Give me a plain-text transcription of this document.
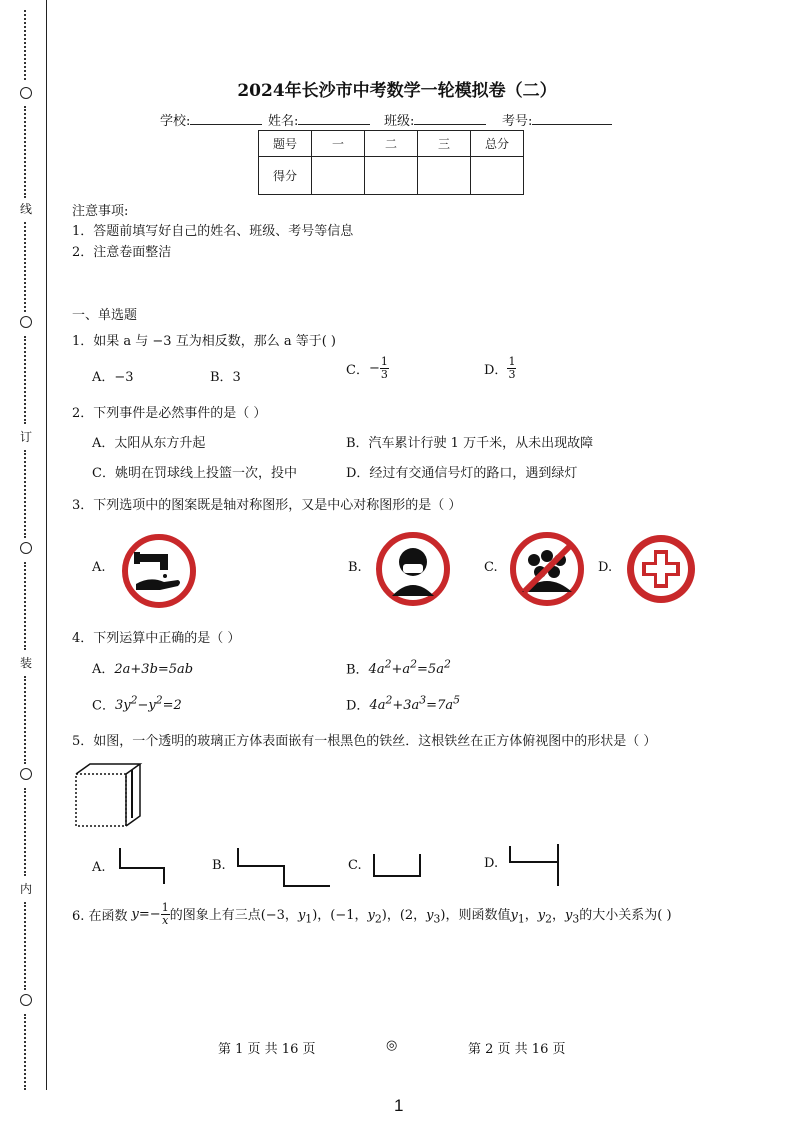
线
订
装
内
2024年长沙市中考数学一轮模拟卷（二）
学校:	姓名:	班级:	考号:
题号	一	二	三	总分
得分				
注意事项:
1．答题前填写好自己的姓名、班级、考号等信息
2．注意卷面整洁
一、单选题
1．如果 a 与 −3 互为相反数，那么 a 等于( )
A．−3	B．3	C． − $\frac{1}{3}$	D． $\frac{1}{3}$
2．下列事件是必然事件的是（ ）
A．太阳从东方升起	B．汽车累计行驶 1 万千米，从未出现故障
C．姚明在罚球线上投篮一次，投中	D．经过有交通信号灯的路口，遇到绿灯
3．下列选项中的图案既是轴对称图形，又是中心对称图形的是（ ）
A.	B.	C.	D.
4．下列运算中正确的是（ ）
A．2a+3b=5ab	B．$4a^2+a^2=5a^2$
C．$3y^2-y^2=2$	D．$4a^2+3a^3=7a^5$
5．如图，一个透明的玻璃正方体表面嵌有一根黑色的铁丝．这根铁丝在正方体俯视图中的形状是（ ）
A.	B.	C.	D.
6. 在函数 $y=- \frac{1}{x}$ 的图象上有三点(−3，$y_1$)，(−1，$y_2$)，(2，$y_3$)，则函数值$y_1$，$y_2$，$y_3$的大小关系为( )
第 1 页 共 16 页	◎	第 2 页 共 16 页
1
